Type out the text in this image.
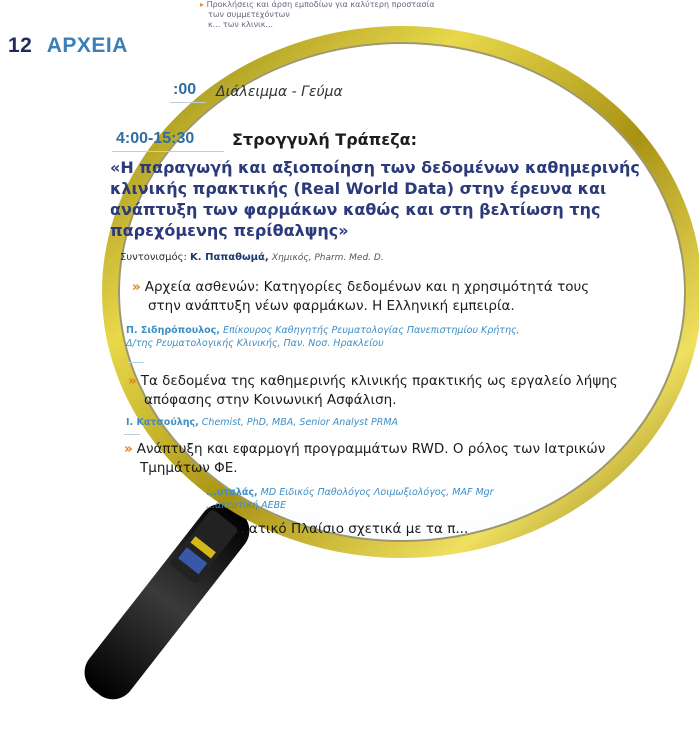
12 ΑΡΧΕΙΑ
▸ Προκλήσεις και άρση εμποδίων για καλύτερη προστασία
των συμμετεχόντων
κ... των κλινικ...
:00 Διάλειμμα - Γεύμα
4:00-15:30 Στρογγυλή Τράπεζα:
«Η παραγωγή και αξιοποίηση των δεδομένων καθημερινής κλινικής πρακτικής (Real World Data) στην έρευνα και ανάπτυξη των φαρμάκων καθώς και στη βελτίωση της παρεχόμενης περίθαλψης»
Συντονισμός: Κ. Παπαθωμά, Χημικός, Pharm. Med. D.
» Αρχεία ασθενών: Κατηγορίες δεδομένων και η χρησιμότητά τους
στην ανάπτυξη νέων φαρμάκων. Η Ελληνική εμπειρία.
Π. Σιδηρόπουλος, Επίκουρος Καθηγητής Ρευματολογίας Πανεπιστημίου Κρήτης,
Δ/της Ρευματολογικής Κλινικής, Παν. Νοσ. Ηρακλείου
» Τα δεδομένα της καθημερινής κλινικής πρακτικής ως εργαλείο λήψης
απόφασης στην Κοινωνική Ασφάλιση.
Ι. Κατσούλης, Chemist, PhD, MBA, Senior Analyst PRMA
» Ανάπτυξη και εφαρμογή προγραμμάτων RWD. Ο ρόλος των Ιατρικών
Τμημάτων ΦΕ.
...υταλάς, MD Ειδικός Παθολόγος Λοιμωξιολόγος, MAF Mgr
...ακευτική ΑΕΒΕ
...ατικό Πλαίσιο σχετικά με τα π...
